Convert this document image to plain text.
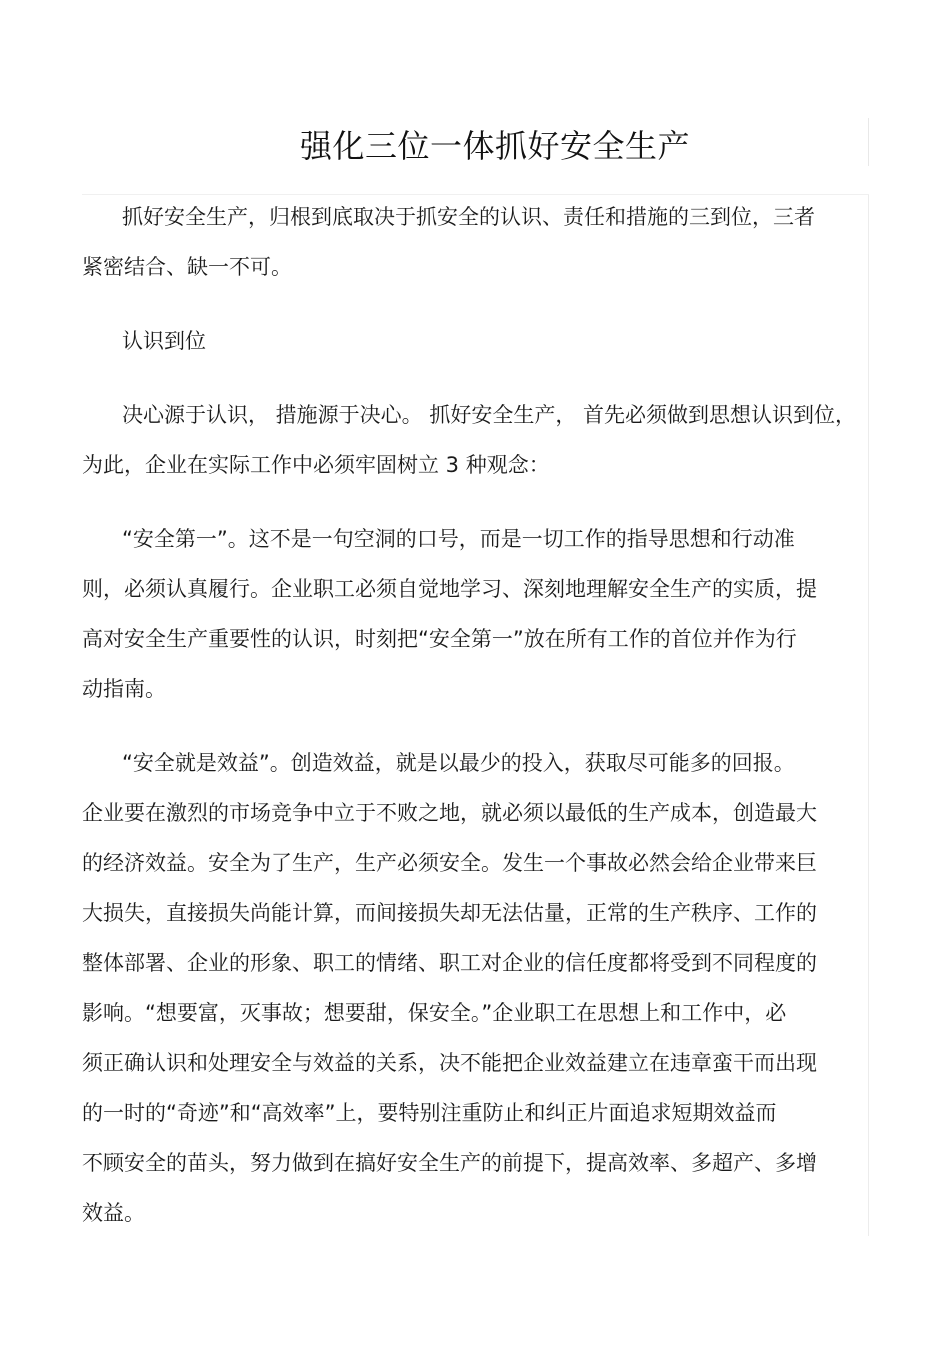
强化三位一体抓好安全生产

抓好安全生产，归根到底取决于抓安全的认识、责任和措施的三到位，三者
紧密结合、缺一不可。

认识到位

决心源于认识， 措施源于决心。 抓好安全生产， 首先必须做到思想认识到位，
为此，企业在实际工作中必须牢固树立 3 种观念：

“安全第一”。这不是一句空洞的口号，而是一切工作的指导思想和行动准
则，必须认真履行。企业职工必须自觉地学习、深刻地理解安全生产的实质，提
高对安全生产重要性的认识，时刻把“安全第一”放在所有工作的首位并作为行
动指南。

“安全就是效益”。创造效益，就是以最少的投入，获取尽可能多的回报。
企业要在激烈的市场竞争中立于不败之地，就必须以最低的生产成本，创造最大
的经济效益。安全为了生产，生产必须安全。发生一个事故必然会给企业带来巨
大损失，直接损失尚能计算，而间接损失却无法估量，正常的生产秩序、工作的
整体部署、企业的形象、职工的情绪、职工对企业的信任度都将受到不同程度的
影响。“想要富，灭事故；想要甜，保安全。”企业职工在思想上和工作中，必
须正确认识和处理安全与效益的关系，决不能把企业效益建立在违章蛮干而出现
的一时的“奇迹”和“高效率”上，要特别注重防止和纠正片面追求短期效益而
不顾安全的苗头，努力做到在搞好安全生产的前提下，提高效率、多超产、多增
效益。
